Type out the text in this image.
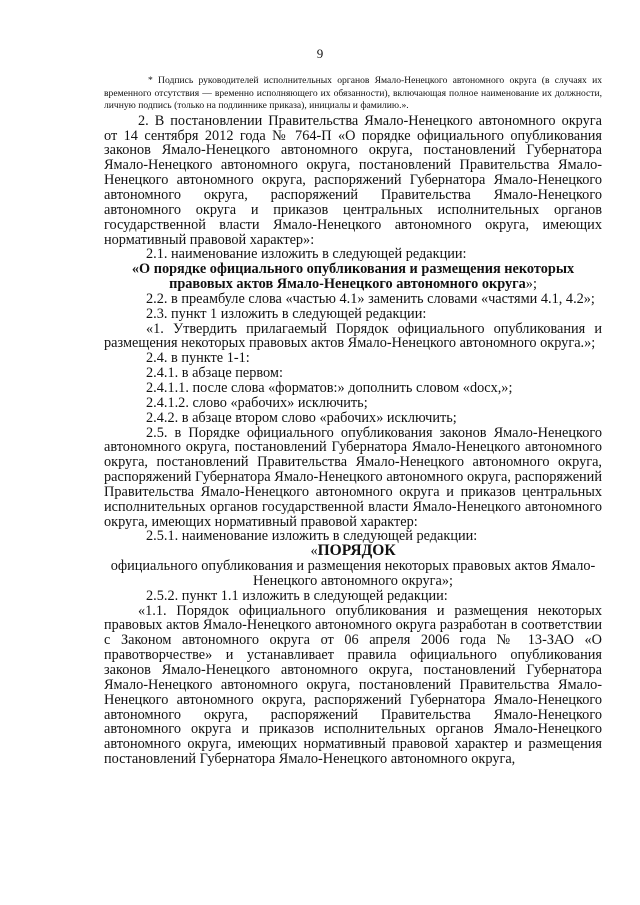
9

* Подпись руководителей исполнительных органов Ямало-Ненецкого автономного округа (в случаях их временного отсутствия — временно исполняющего их обязанности), включающая полное наименование их должности, личную подпись (только на подлиннике приказа), инициалы и фамилию.».

2. В постановлении Правительства Ямало-Ненецкого автономного округа от 14 сентября 2012 года № 764-П «О порядке официального опубликования законов Ямало-Ненецкого автономного округа, постановлений Губернатора Ямало-Ненецкого автономного округа, постановлений Правительства Ямало-Ненецкого автономного округа, распоряжений Губернатора Ямало-Ненецкого автономного округа, распоряжений Правительства Ямало-Ненецкого автономного округа и приказов центральных исполнительных органов государственной власти Ямало-Ненецкого автономного округа, имеющих нормативный правовой характер»:

2.1. наименование изложить в следующей редакции:

«О порядке официального опубликования и размещения некоторых правовых актов Ямало-Ненецкого автономного округа»;

2.2. в преамбуле слова «частью 4.1» заменить словами «частями 4.1, 4.2»;

2.3. пункт 1 изложить в следующей редакции:

«1. Утвердить прилагаемый Порядок официального опубликования и размещения некоторых правовых актов Ямало-Ненецкого автономного округа.»;

2.4. в пункте 1-1:

2.4.1. в абзаце первом:

2.4.1.1. после слова «форматов:» дополнить словом «docx,»;

2.4.1.2. слово «рабочих» исключить;

2.4.2. в абзаце втором слово «рабочих» исключить;

2.5. в Порядке официального опубликования законов Ямало-Ненецкого автономного округа, постановлений Губернатора Ямало-Ненецкого автономного округа, постановлений Правительства Ямало-Ненецкого автономного округа, распоряжений Губернатора Ямало-Ненецкого автономного округа, распоряжений Правительства Ямало-Ненецкого автономного округа и приказов центральных исполнительных органов государственной власти Ямало-Ненецкого автономного округа, имеющих нормативный правовой характер:

2.5.1. наименование изложить в следующей редакции:

«ПОРЯДОК

официального опубликования и размещения некоторых правовых актов Ямало-Ненецкого автономного округа»;

2.5.2. пункт 1.1 изложить в следующей редакции:

«1.1. Порядок официального опубликования и размещения некоторых правовых актов Ямало-Ненецкого автономного округа разработан в соответствии с Законом автономного округа от 06 апреля 2006 года № 13-ЗАО «О правотворчестве» и устанавливает правила официального опубликования законов Ямало-Ненецкого автономного округа, постановлений Губернатора Ямало-Ненецкого автономного округа, постановлений Правительства Ямало-Ненецкого автономного округа, распоряжений Губернатора Ямало-Ненецкого автономного округа, распоряжений Правительства Ямало-Ненецкого автономного округа и приказов исполнительных органов Ямало-Ненецкого автономного округа, имеющих нормативный правовой характер и размещения постановлений Губернатора Ямало-Ненецкого автономного округа,
